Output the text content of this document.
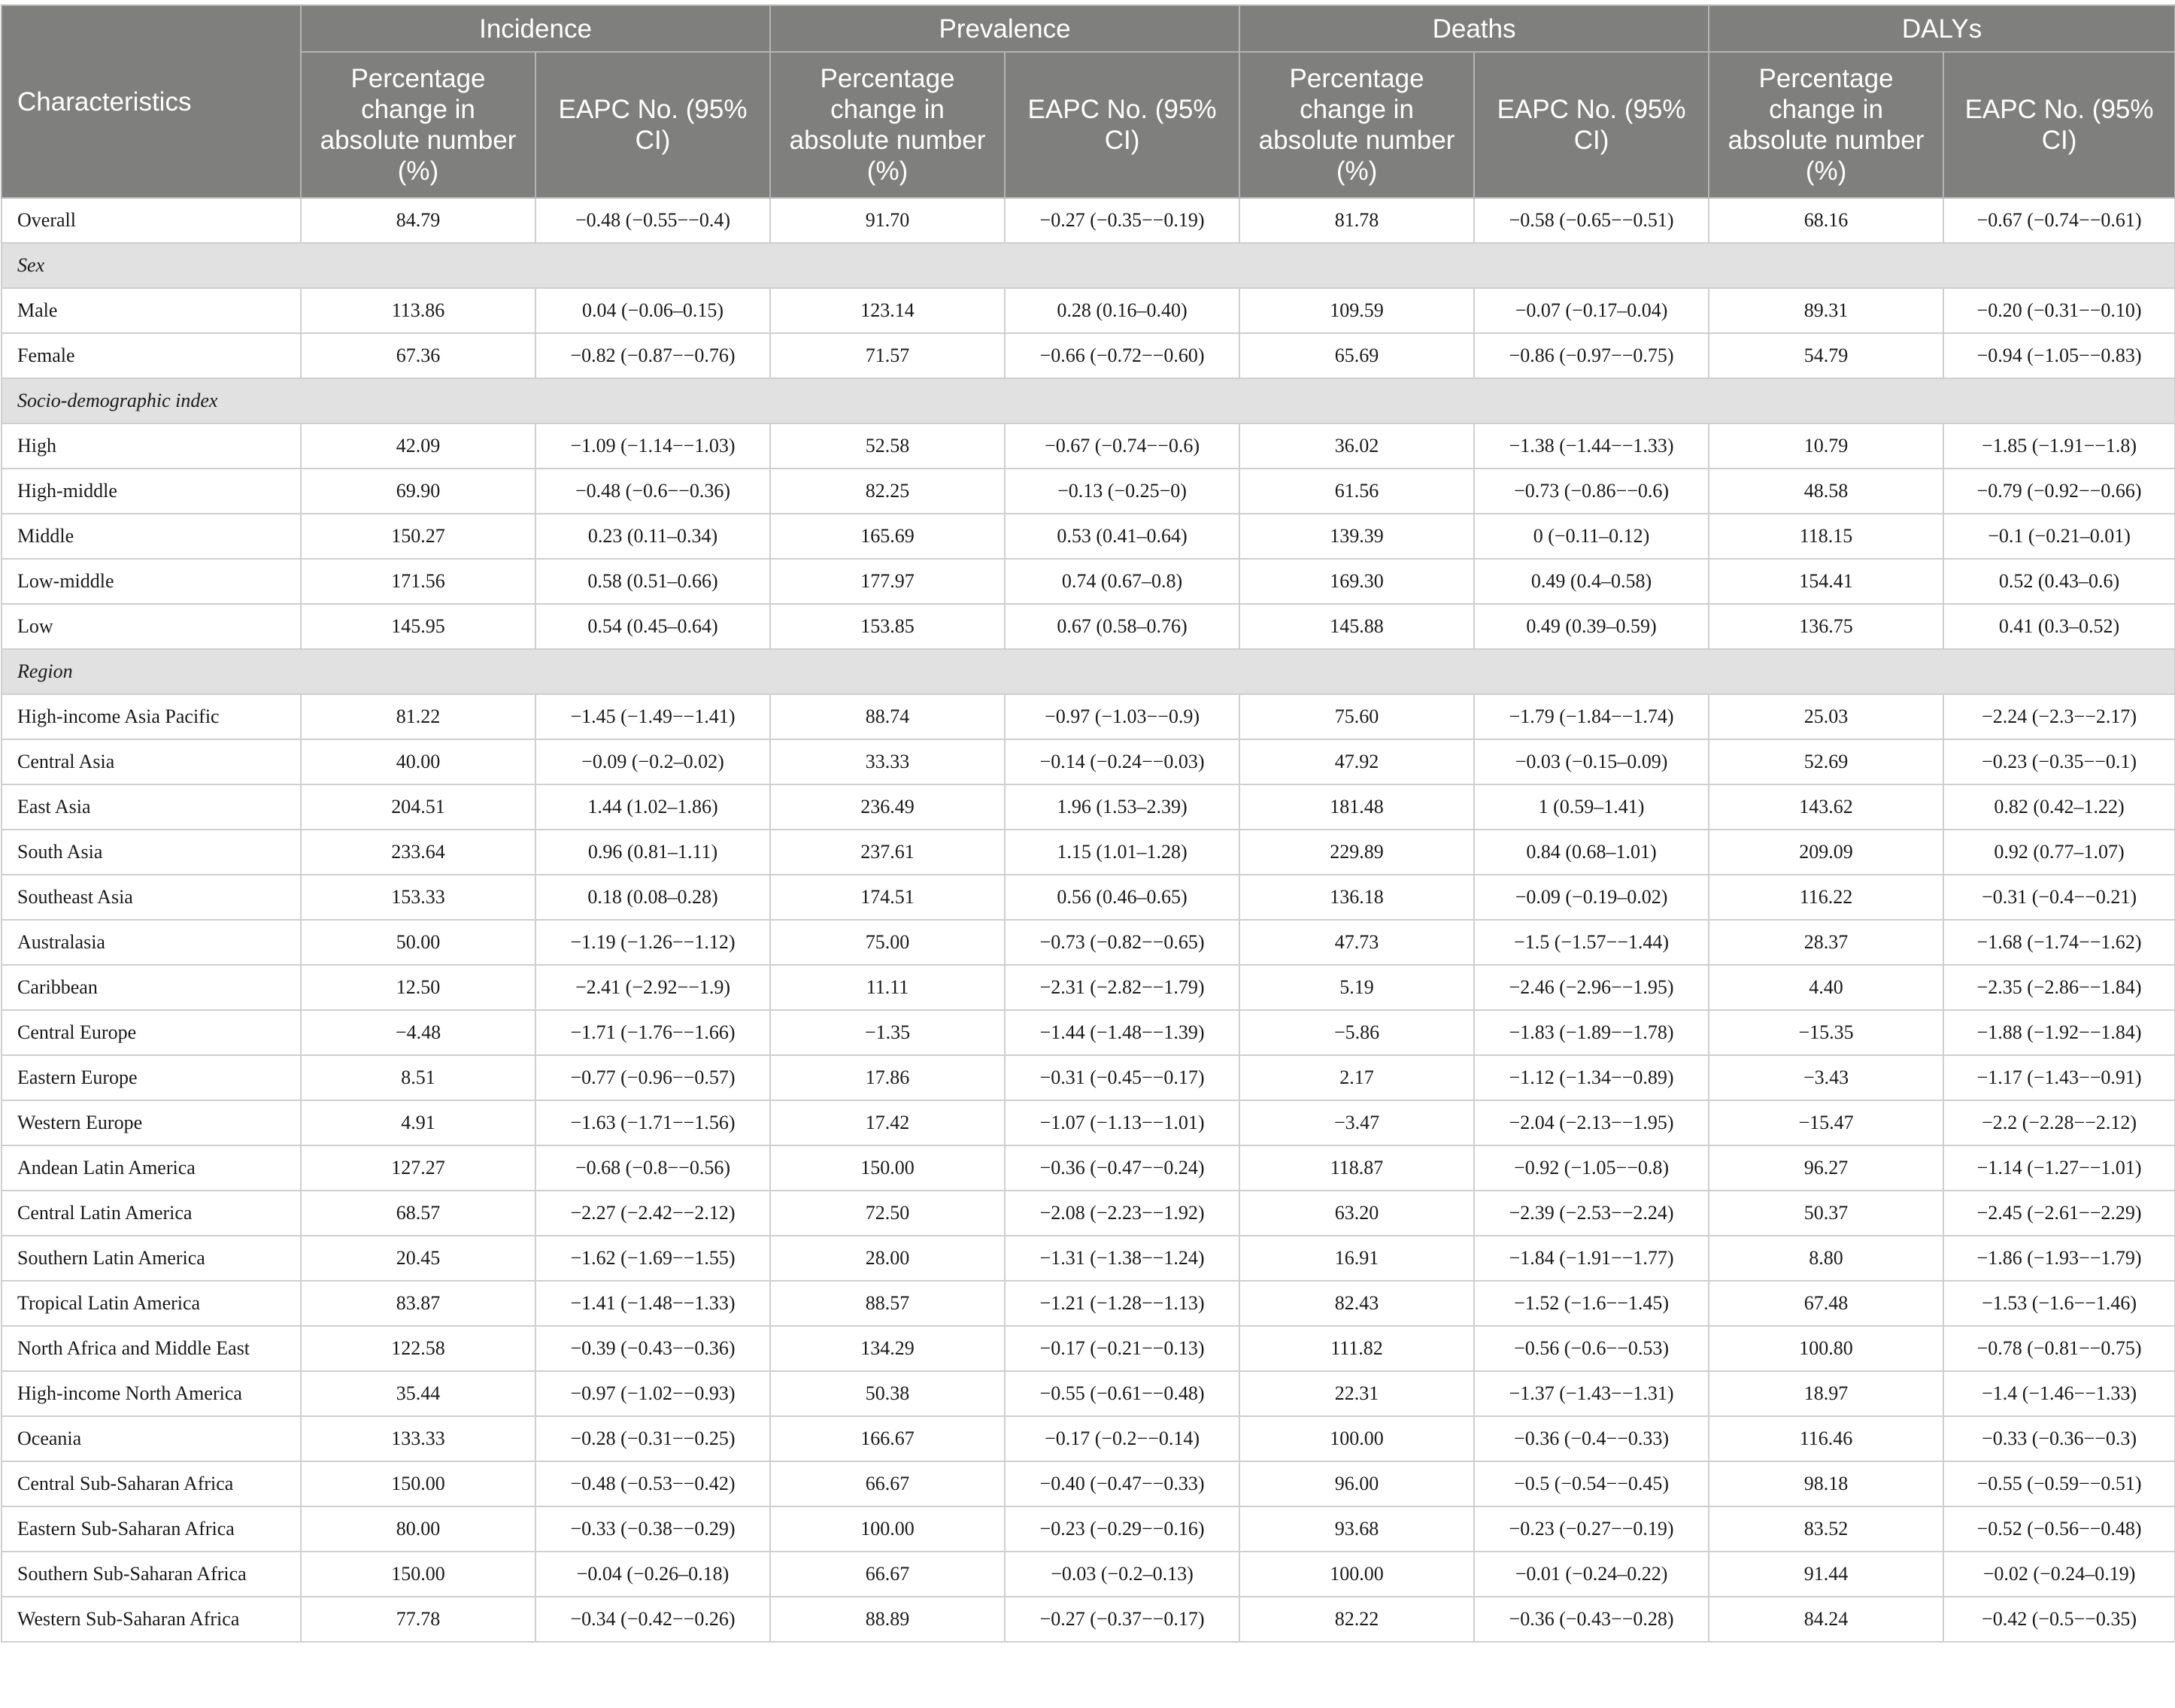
Characteristics	Incidence		Prevalence		Deaths		DALYs	
	Percentage change in absolute number (%)	EAPC No. (95% CI)	Percentage change in absolute number (%)	EAPC No. (95% CI)	Percentage change in absolute number (%)	EAPC No. (95% CI)	Percentage change in absolute number (%)	EAPC No. (95% CI)
Overall	84.79	−0.48 (−0.55−−0.4)	91.70	−0.27 (−0.35−−0.19)	81.78	−0.58 (−0.65−−0.51)	68.16	−0.67 (−0.74−−0.61)
Sex								
Male	113.86	0.04 (−0.06–0.15)	123.14	0.28 (0.16–0.40)	109.59	−0.07 (−0.17–0.04)	89.31	−0.20 (−0.31−−0.10)
Female	67.36	−0.82 (−0.87−−0.76)	71.57	−0.66 (−0.72−−0.60)	65.69	−0.86 (−0.97−−0.75)	54.79	−0.94 (−1.05−−0.83)
Socio-demographic index								
High	42.09	−1.09 (−1.14−−1.03)	52.58	−0.67 (−0.74−−0.6)	36.02	−1.38 (−1.44−−1.33)	10.79	−1.85 (−1.91−−1.8)
High-middle	69.90	−0.48 (−0.6−−0.36)	82.25	−0.13 (−0.25−0)	61.56	−0.73 (−0.86−−0.6)	48.58	−0.79 (−0.92−−0.66)
Middle	150.27	0.23 (0.11–0.34)	165.69	0.53 (0.41–0.64)	139.39	0 (−0.11–0.12)	118.15	−0.1 (−0.21–0.01)
Low-middle	171.56	0.58 (0.51–0.66)	177.97	0.74 (0.67–0.8)	169.30	0.49 (0.4–0.58)	154.41	0.52 (0.43–0.6)
Low	145.95	0.54 (0.45–0.64)	153.85	0.67 (0.58–0.76)	145.88	0.49 (0.39–0.59)	136.75	0.41 (0.3–0.52)
Region								
High-income Asia Pacific	81.22	−1.45 (−1.49−−1.41)	88.74	−0.97 (−1.03−−0.9)	75.60	−1.79 (−1.84−−1.74)	25.03	−2.24 (−2.3−−2.17)
Central Asia	40.00	−0.09 (−0.2–0.02)	33.33	−0.14 (−0.24−−0.03)	47.92	−0.03 (−0.15–0.09)	52.69	−0.23 (−0.35−−0.1)
East Asia	204.51	1.44 (1.02–1.86)	236.49	1.96 (1.53–2.39)	181.48	1 (0.59–1.41)	143.62	0.82 (0.42–1.22)
South Asia	233.64	0.96 (0.81–1.11)	237.61	1.15 (1.01–1.28)	229.89	0.84 (0.68–1.01)	209.09	0.92 (0.77–1.07)
Southeast Asia	153.33	0.18 (0.08–0.28)	174.51	0.56 (0.46–0.65)	136.18	−0.09 (−0.19–0.02)	116.22	−0.31 (−0.4−−0.21)
Australasia	50.00	−1.19 (−1.26−−1.12)	75.00	−0.73 (−0.82−−0.65)	47.73	−1.5 (−1.57−−1.44)	28.37	−1.68 (−1.74−−1.62)
Caribbean	12.50	−2.41 (−2.92−−1.9)	11.11	−2.31 (−2.82−−1.79)	5.19	−2.46 (−2.96−−1.95)	4.40	−2.35 (−2.86−−1.84)
Central Europe	−4.48	−1.71 (−1.76−−1.66)	−1.35	−1.44 (−1.48−−1.39)	−5.86	−1.83 (−1.89−−1.78)	−15.35	−1.88 (−1.92−−1.84)
Eastern Europe	8.51	−0.77 (−0.96−−0.57)	17.86	−0.31 (−0.45−−0.17)	2.17	−1.12 (−1.34−−0.89)	−3.43	−1.17 (−1.43−−0.91)
Western Europe	4.91	−1.63 (−1.71−−1.56)	17.42	−1.07 (−1.13−−1.01)	−3.47	−2.04 (−2.13−−1.95)	−15.47	−2.2 (−2.28−−2.12)
Andean Latin America	127.27	−0.68 (−0.8−−0.56)	150.00	−0.36 (−0.47−−0.24)	118.87	−0.92 (−1.05−−0.8)	96.27	−1.14 (−1.27−−1.01)
Central Latin America	68.57	−2.27 (−2.42−−2.12)	72.50	−2.08 (−2.23−−1.92)	63.20	−2.39 (−2.53−−2.24)	50.37	−2.45 (−2.61−−2.29)
Southern Latin America	20.45	−1.62 (−1.69−−1.55)	28.00	−1.31 (−1.38−−1.24)	16.91	−1.84 (−1.91−−1.77)	8.80	−1.86 (−1.93−−1.79)
Tropical Latin America	83.87	−1.41 (−1.48−−1.33)	88.57	−1.21 (−1.28−−1.13)	82.43	−1.52 (−1.6−−1.45)	67.48	−1.53 (−1.6−−1.46)
North Africa and Middle East	122.58	−0.39 (−0.43−−0.36)	134.29	−0.17 (−0.21−−0.13)	111.82	−0.56 (−0.6−−0.53)	100.80	−0.78 (−0.81−−0.75)
High-income North America	35.44	−0.97 (−1.02−−0.93)	50.38	−0.55 (−0.61−−0.48)	22.31	−1.37 (−1.43−−1.31)	18.97	−1.4 (−1.46−−1.33)
Oceania	133.33	−0.28 (−0.31−−0.25)	166.67	−0.17 (−0.2−−0.14)	100.00	−0.36 (−0.4−−0.33)	116.46	−0.33 (−0.36−−0.3)
Central Sub-Saharan Africa	150.00	−0.48 (−0.53−−0.42)	66.67	−0.40 (−0.47−−0.33)	96.00	−0.5 (−0.54−−0.45)	98.18	−0.55 (−0.59−−0.51)
Eastern Sub-Saharan Africa	80.00	−0.33 (−0.38−−0.29)	100.00	−0.23 (−0.29−−0.16)	93.68	−0.23 (−0.27−−0.19)	83.52	−0.52 (−0.56−−0.48)
Southern Sub-Saharan Africa	150.00	−0.04 (−0.26–0.18)	66.67	−0.03 (−0.2–0.13)	100.00	−0.01 (−0.24–0.22)	91.44	−0.02 (−0.24–0.19)
Western Sub-Saharan Africa	77.78	−0.34 (−0.42−−0.26)	88.89	−0.27 (−0.37−−0.17)	82.22	−0.36 (−0.43−−0.28)	84.24	−0.42 (−0.5−−0.35)
